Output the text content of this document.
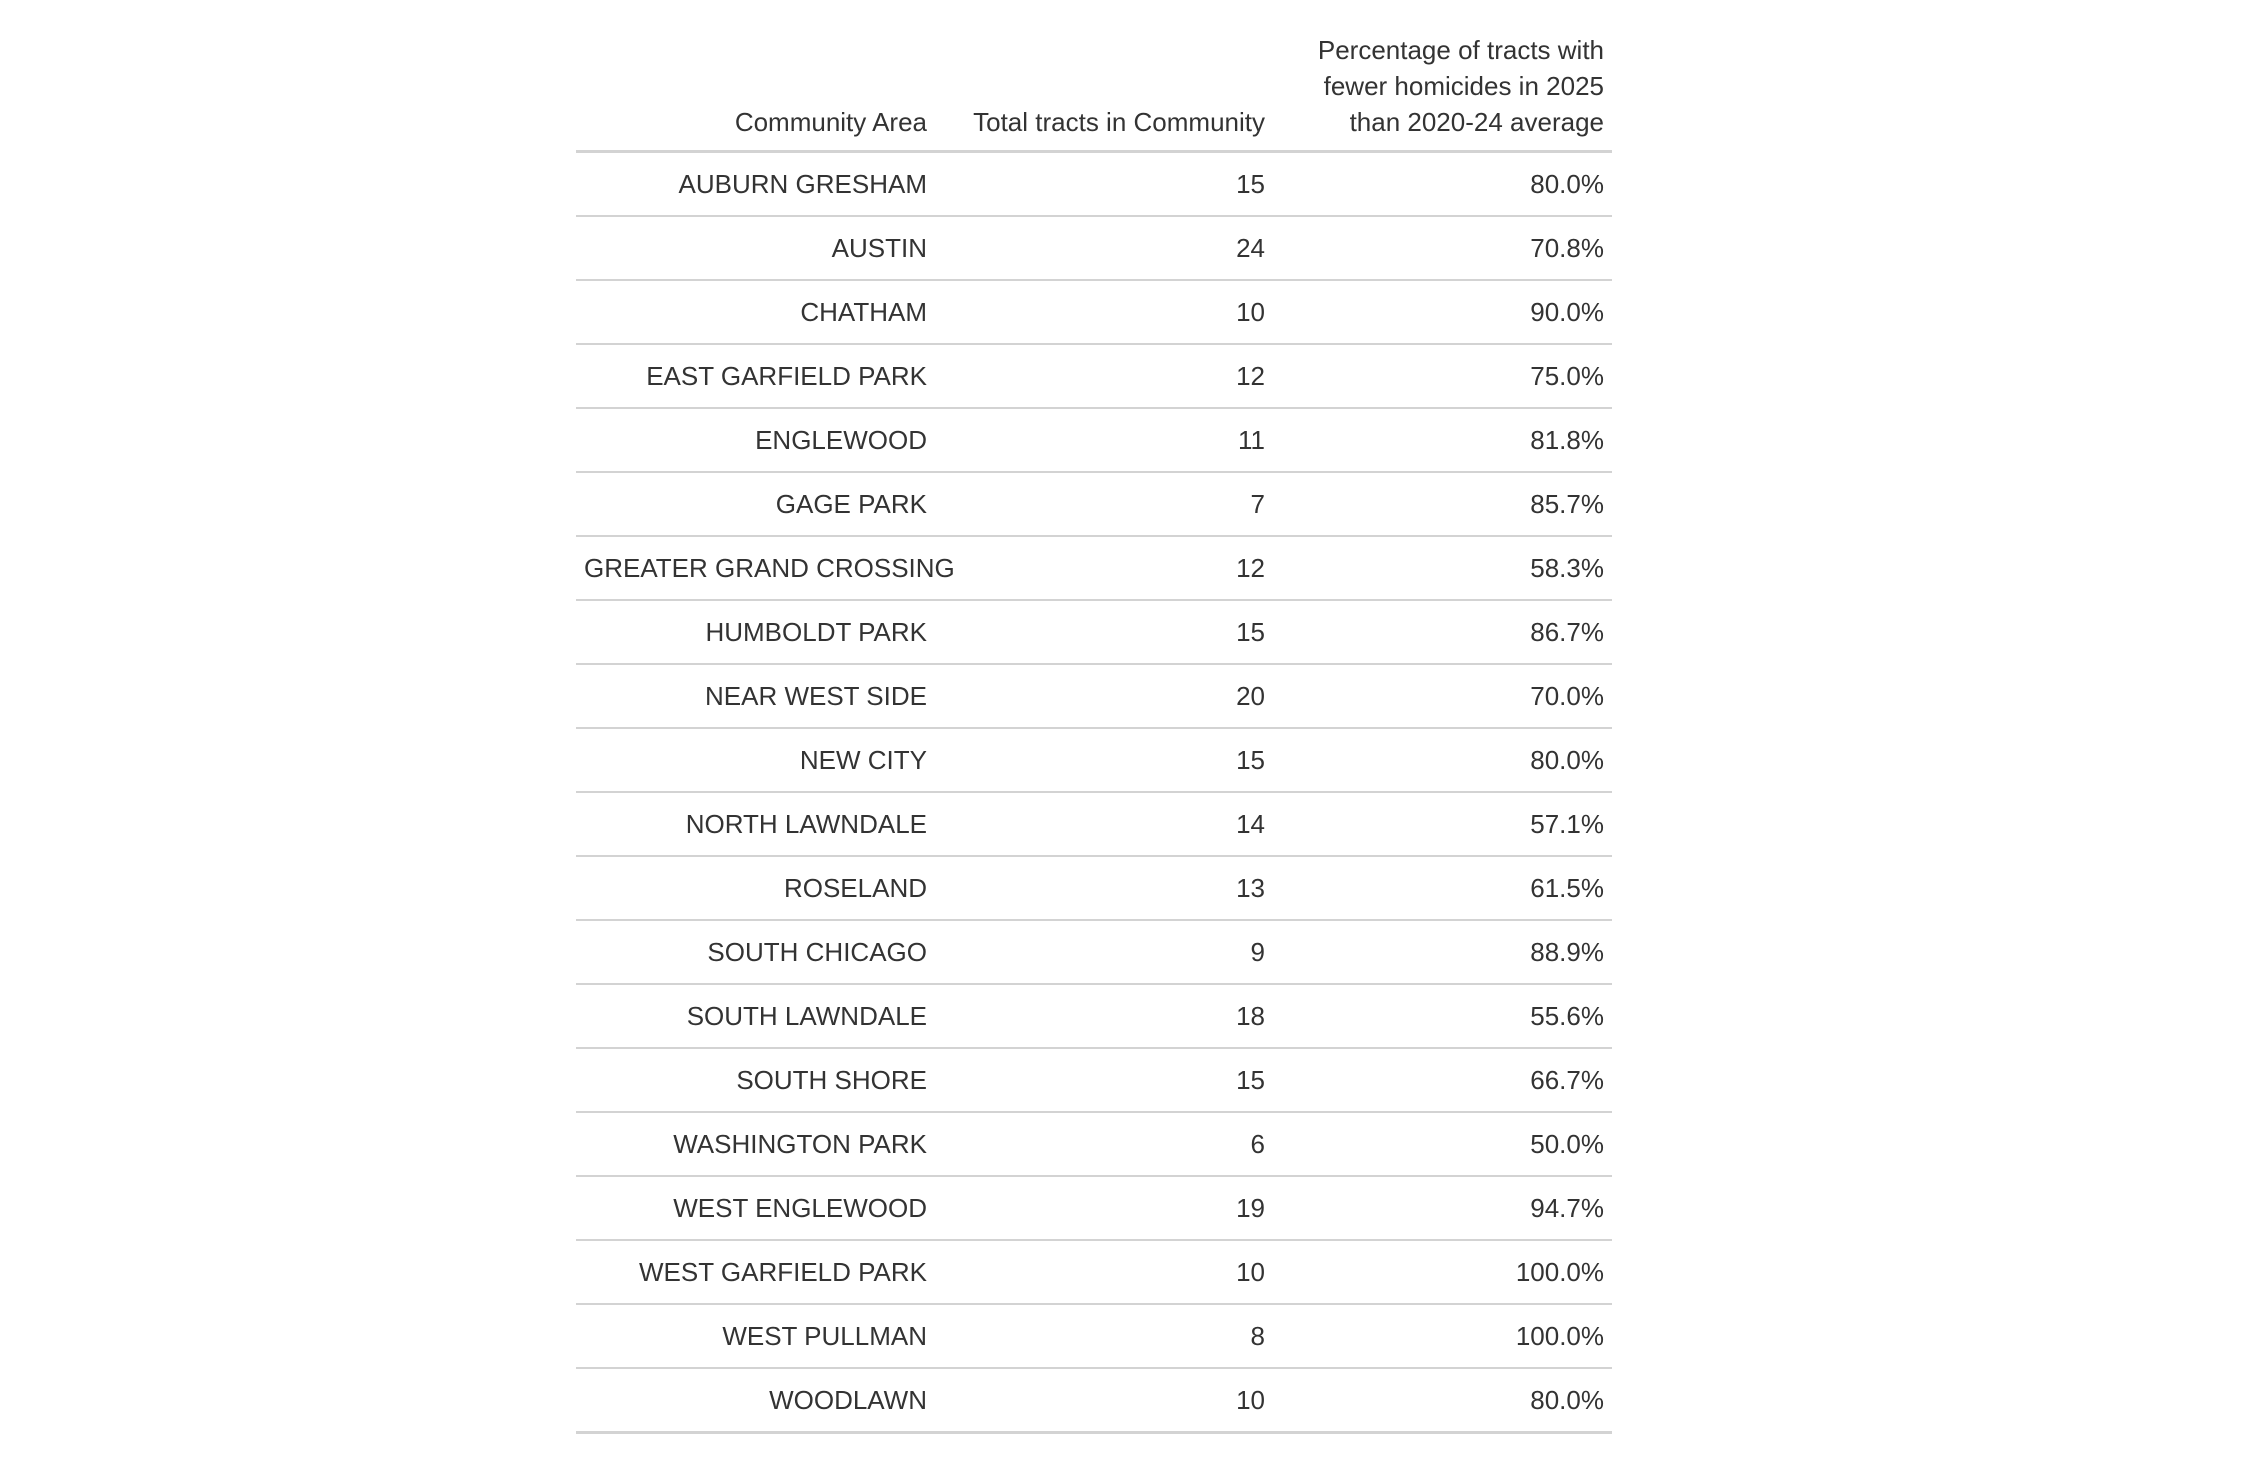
Community Area	Total tracts in Community	Percentage of tracts with
fewer homicides in 2025
than 2020-24 average

AUBURN GRESHAM	15	80.0%
AUSTIN	24	70.8%
CHATHAM	10	90.0%
EAST GARFIELD PARK	12	75.0%
ENGLEWOOD	11	81.8%
GAGE PARK	7	85.7%
GREATER GRAND CROSSING	12	58.3%
HUMBOLDT PARK	15	86.7%
NEAR WEST SIDE	20	70.0%
NEW CITY	15	80.0%
NORTH LAWNDALE	14	57.1%
ROSELAND	13	61.5%
SOUTH CHICAGO	9	88.9%
SOUTH LAWNDALE	18	55.6%
SOUTH SHORE	15	66.7%
WASHINGTON PARK	6	50.0%
WEST ENGLEWOOD	19	94.7%
WEST GARFIELD PARK	10	100.0%
WEST PULLMAN	8	100.0%
WOODLAWN	10	80.0%
